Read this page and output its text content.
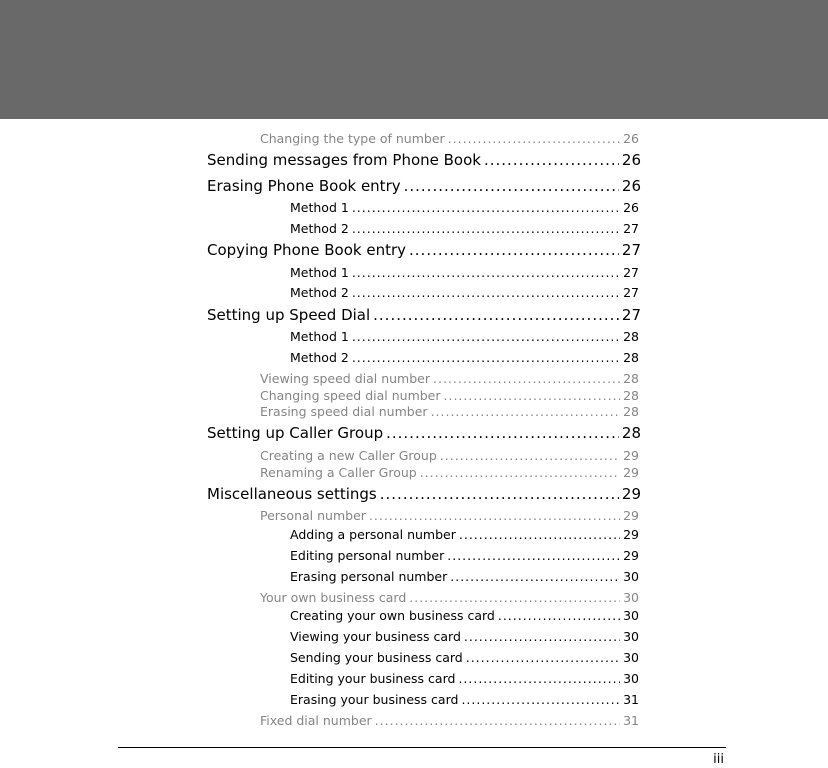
Changing the type of number .....	26
Sending messages from Phone Book .....	26
Erasing Phone Book entry .....	26
Method 1 .....	26
Method 2 .....	27
Copying Phone Book entry .....	27
Method 1 .....	27
Method 2 .....	27
Setting up Speed Dial .....	27
Method 1 .....	28
Method 2 .....	28
Viewing speed dial number .....	28
Changing speed dial number .....	28
Erasing speed dial number .....	28
Setting up Caller Group .....	28
Creating a new Caller Group .....	29
Renaming a Caller Group .....	29
Miscellaneous settings .....	29
Personal number .....	29
Adding a personal number .....	29
Editing personal number .....	29
Erasing personal number .....	30
Your own business card .....	30
Creating your own business card .....	30
Viewing your business card .....	30
Sending your business card .....	30
Editing your business card .....	30
Erasing your business card .....	31
Fixed dial number .....	31
iii
